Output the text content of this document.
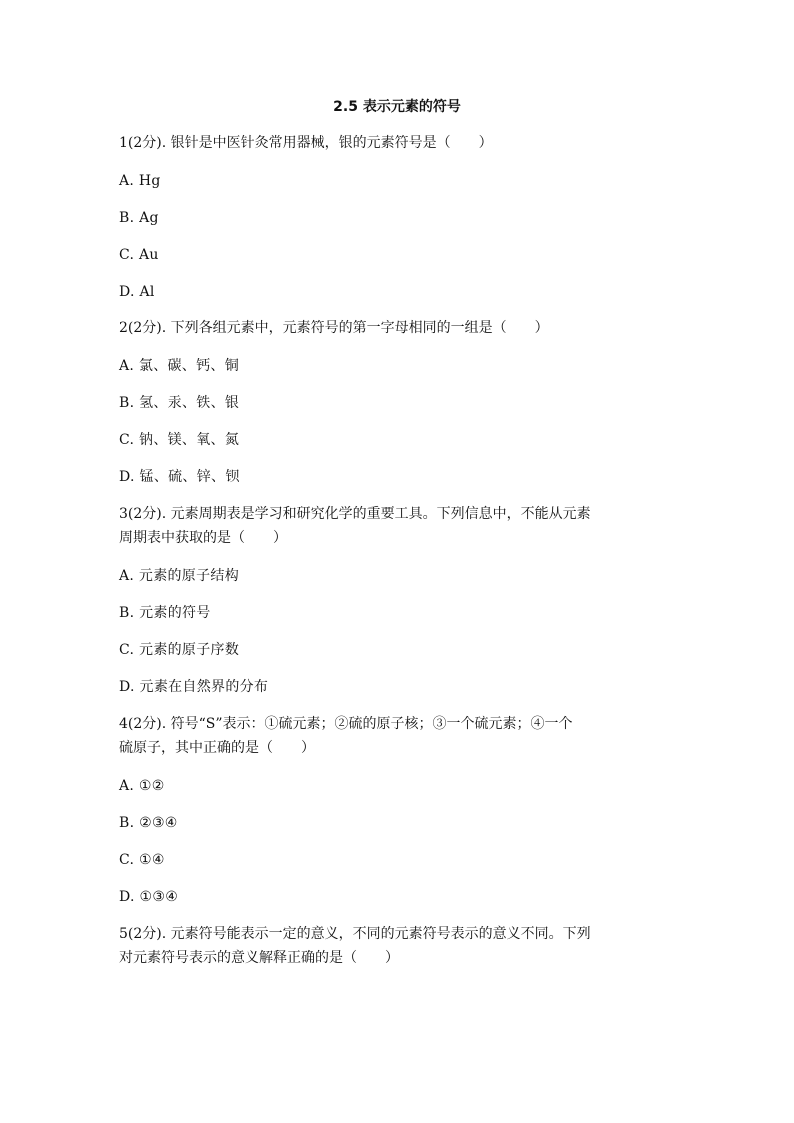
2.5 表示元素的符号
1(2分). 银针是中医针灸常用器械，银的元素符号是（　　）
A. Hg
B. Ag
C. Au
D. Al
2(2分). 下列各组元素中，元素符号的第一字母相同的一组是（　　）
A. 氯、碳、钙、铜
B. 氢、汞、铁、银
C. 钠、镁、氧、氮
D. 锰、硫、锌、钡
3(2分). 元素周期表是学习和研究化学的重要工具。下列信息中，不能从元素
周期表中获取的是（　　）
A. 元素的原子结构
B. 元素的符号
C. 元素的原子序数
D. 元素在自然界的分布
4(2分). 符号“S”表示：①硫元素；②硫的原子核；③一个硫元素；④一个
硫原子，其中正确的是（　　）
A. ①②
B. ②③④
C. ①④
D. ①③④
5(2分). 元素符号能表示一定的意义，不同的元素符号表示的意义不同。下列
对元素符号表示的意义解释正确的是（　　）
